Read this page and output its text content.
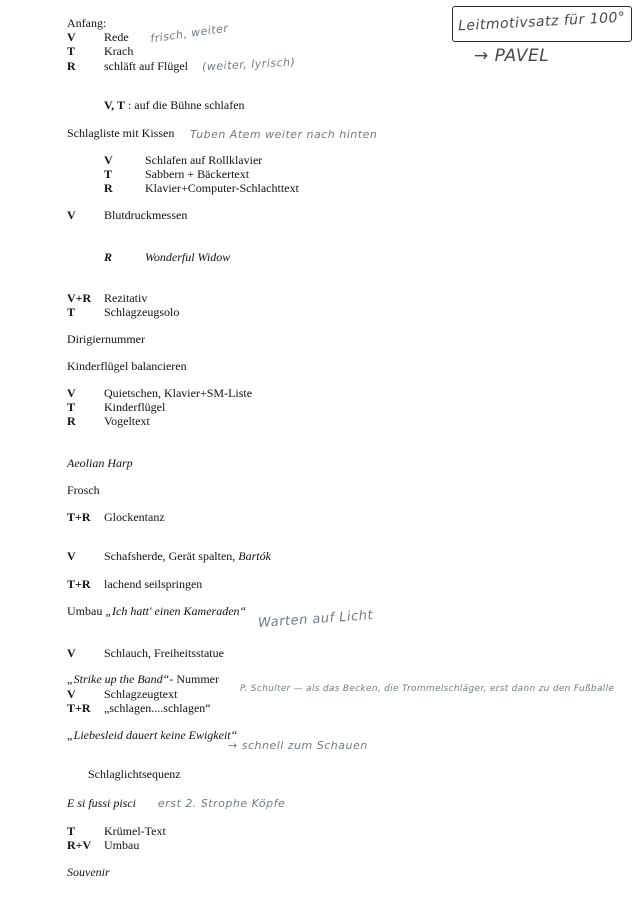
Anfang:
V Rede
T Krach
R schläft auf Flügel
V, T : auf die Bühne schlafen
Schlagliste mit Kissen
V	Schlafen auf Rollklavier
T	Sabbern + Bäckertext
R	Klavier+Computer-Schlachttext
V Blutdruckmessen
R	Wonderful Widow
V+R Rezitativ
T Schlagzeugsolo
Dirigiernummer
Kinderflügel balancieren
V Quietschen, Klavier+SM-Liste
T Kinderflügel
R Vogeltext
Aeolian Harp
Frosch
T+R Glockentanz
V Schafsherde, Gerät spalten, Bartók
T+R lachend seilspringen
Umbau „Ich hatt' einen Kameraden“
V Schlauch, Freiheitsstatue
„Strike up the Band“- Nummer
V Schlagzeugtext
T+R „schlagen....schlagen“
„Liebesleid dauert keine Ewigkeit“
Schlaglichtsequenz
E si fussi pisci
T Krümel-Text
R+V Umbau
Souvenir
frisch, weiter
(weiter, lyrisch)
Leitmotivsatz für 100°
→ PAVEL
Tuben Atem weiter nach hinten
Warten auf Licht
P. Schulter — als das Becken, die Trommelschläger, erst dann zu den Fußballe
→ schnell zum Schauen
erst 2. Strophe Köpfe
